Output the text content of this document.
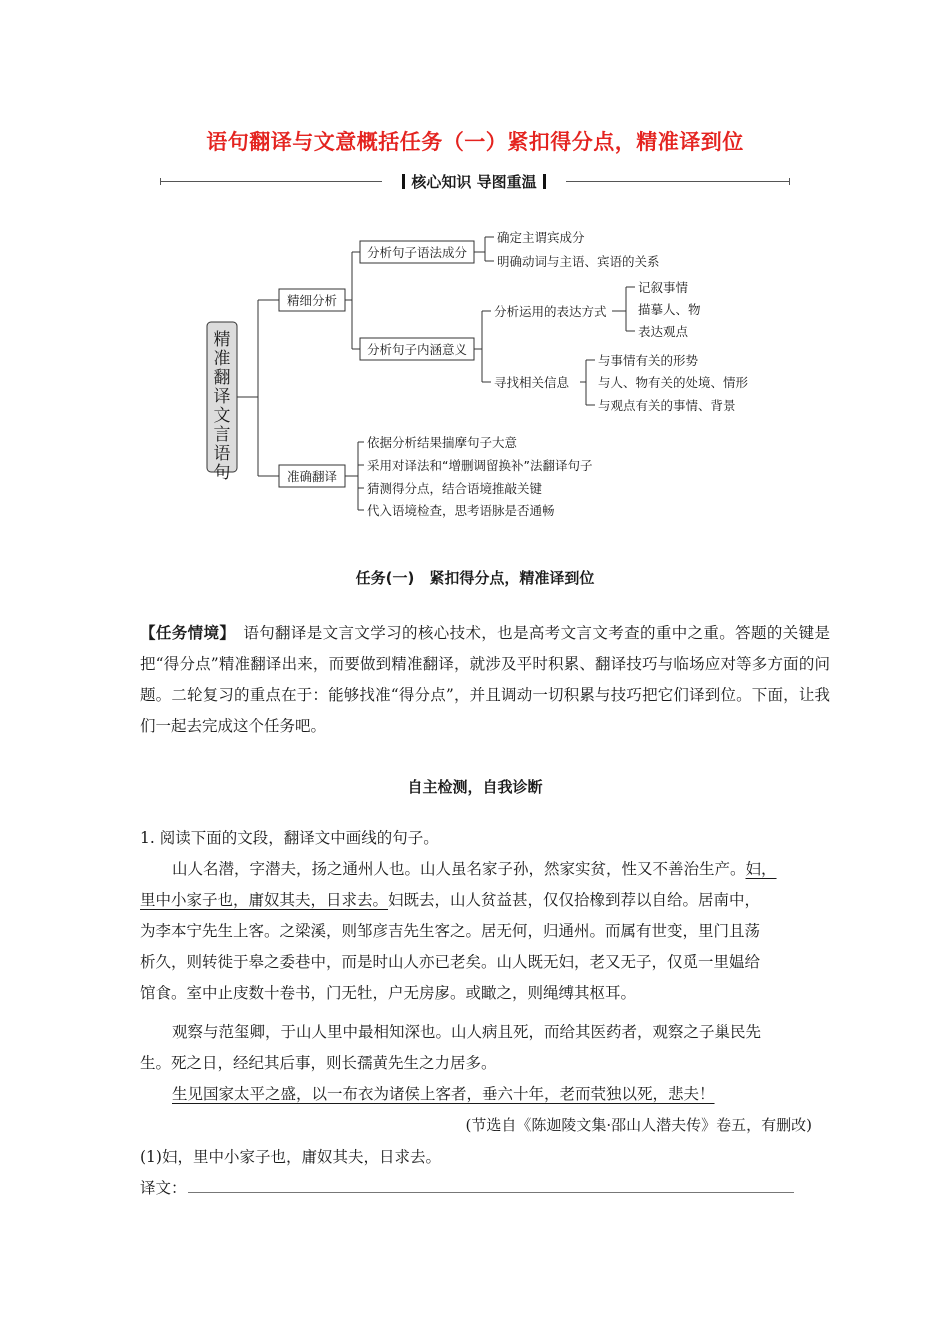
语句翻译与文意概括任务（一）紧扣得分点，精准译到位
核心知识 导图重温
精
准
翻
译
文
言
语
句
精细分析
准确翻译
分析句子语法成分
分析句子内涵意义
确定主谓宾成分
明确动词与主语、宾语的关系
分析运用的表达方式
寻找相关信息
记叙事情
描摹人、物
表达观点
与事情有关的形势
与人、物有关的处境、情形
与观点有关的事情、背景
依据分析结果揣摩句子大意
采用对译法和“增删调留换补”法翻译句子
猜测得分点，结合语境推敲关键
代入语境检查，思考语脉是否通畅
任务(一)　紧扣得分点，精准译到位
【任务情境】　 语句翻译是文言文学习的核心技术，也是高考文言文考查的重中之重。答题的关键是把“得分点”精准翻译出来，而要做到精准翻译，就涉及平时积累、翻译技巧与临场应对等多方面的问题。二轮复习的重点在于：能够找准“得分点”，并且调动一切积累与技巧把它们译到位。下面，让我们一起去完成这个任务吧。
自主检测，自我诊断
1. 阅读下面的文段，翻译文中画线的句子。
山人名潜，字潜夫，扬之通州人也。山人虽名家子孙，然家实贫，性又不善治生产。妇，
里中小家子也，庸奴其夫，日求去。妇既去，山人贫益甚，仅仅拾橡到荐以自给。居南中，
为李本宁先生上客。之梁溪，则邹彦吉先生客之。居无何，归通州。而属有世变，里门且荡
析久，则转徙于皋之委巷中，而是时山人亦已老矣。山人既无妇，老又无子，仅觅一里媪给
馆食。室中止庋数十卷书，门无牡，户无房扅。或瞰之，则绳缚其枢耳。
观察与范玺卿，于山人里中最相知深也。山人病且死，而给其医药者，观察之子巢民先
生。死之日，经纪其后事，则长孺黄先生之力居多。
生见国家太平之盛，以一布衣为诸侯上客者，垂六十年，老而茕独以死，悲夫！
(节选自《陈迦陵文集·邵山人潜夫传》卷五，有删改)
(1)妇，里中小家子也，庸奴其夫，日求去。
译文：
